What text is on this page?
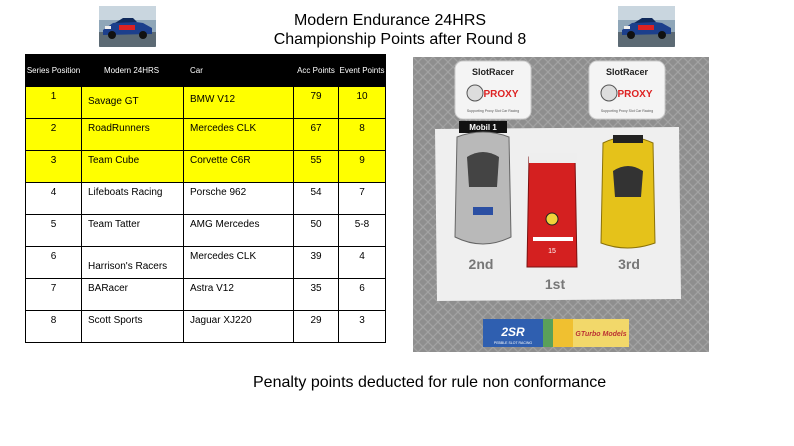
Modern Endurance 24HRS
Championship Points after Round 8
Series Position	Modern 24HRS	Car	Acc Points	Event Points
1	Savage GT	BMW V12	79	10
2	RoadRunners	Mercedes CLK	67	8
3	Team Cube	Corvette C6R	55	9
4	Lifeboats Racing	Porsche 962	54	7
5	Team Tatter	AMG Mercedes	50	5-8
6	Harrison's Racers	Mercedes CLK	39	4
7	BARacer	Astra V12	35	6
8	Scott Sports	Jaguar XJ220	29	3
SlotRacer
PROXY
Supporting Proxy Slot Car Racing
SlotRacer
PROXY
Supporting Proxy Slot Car Racing
Mobil 1
15
2nd
1st
3rd
2SR
PEBBLE SLOT RACING
GTurbo Models
Penalty points deducted for rule non conformance
